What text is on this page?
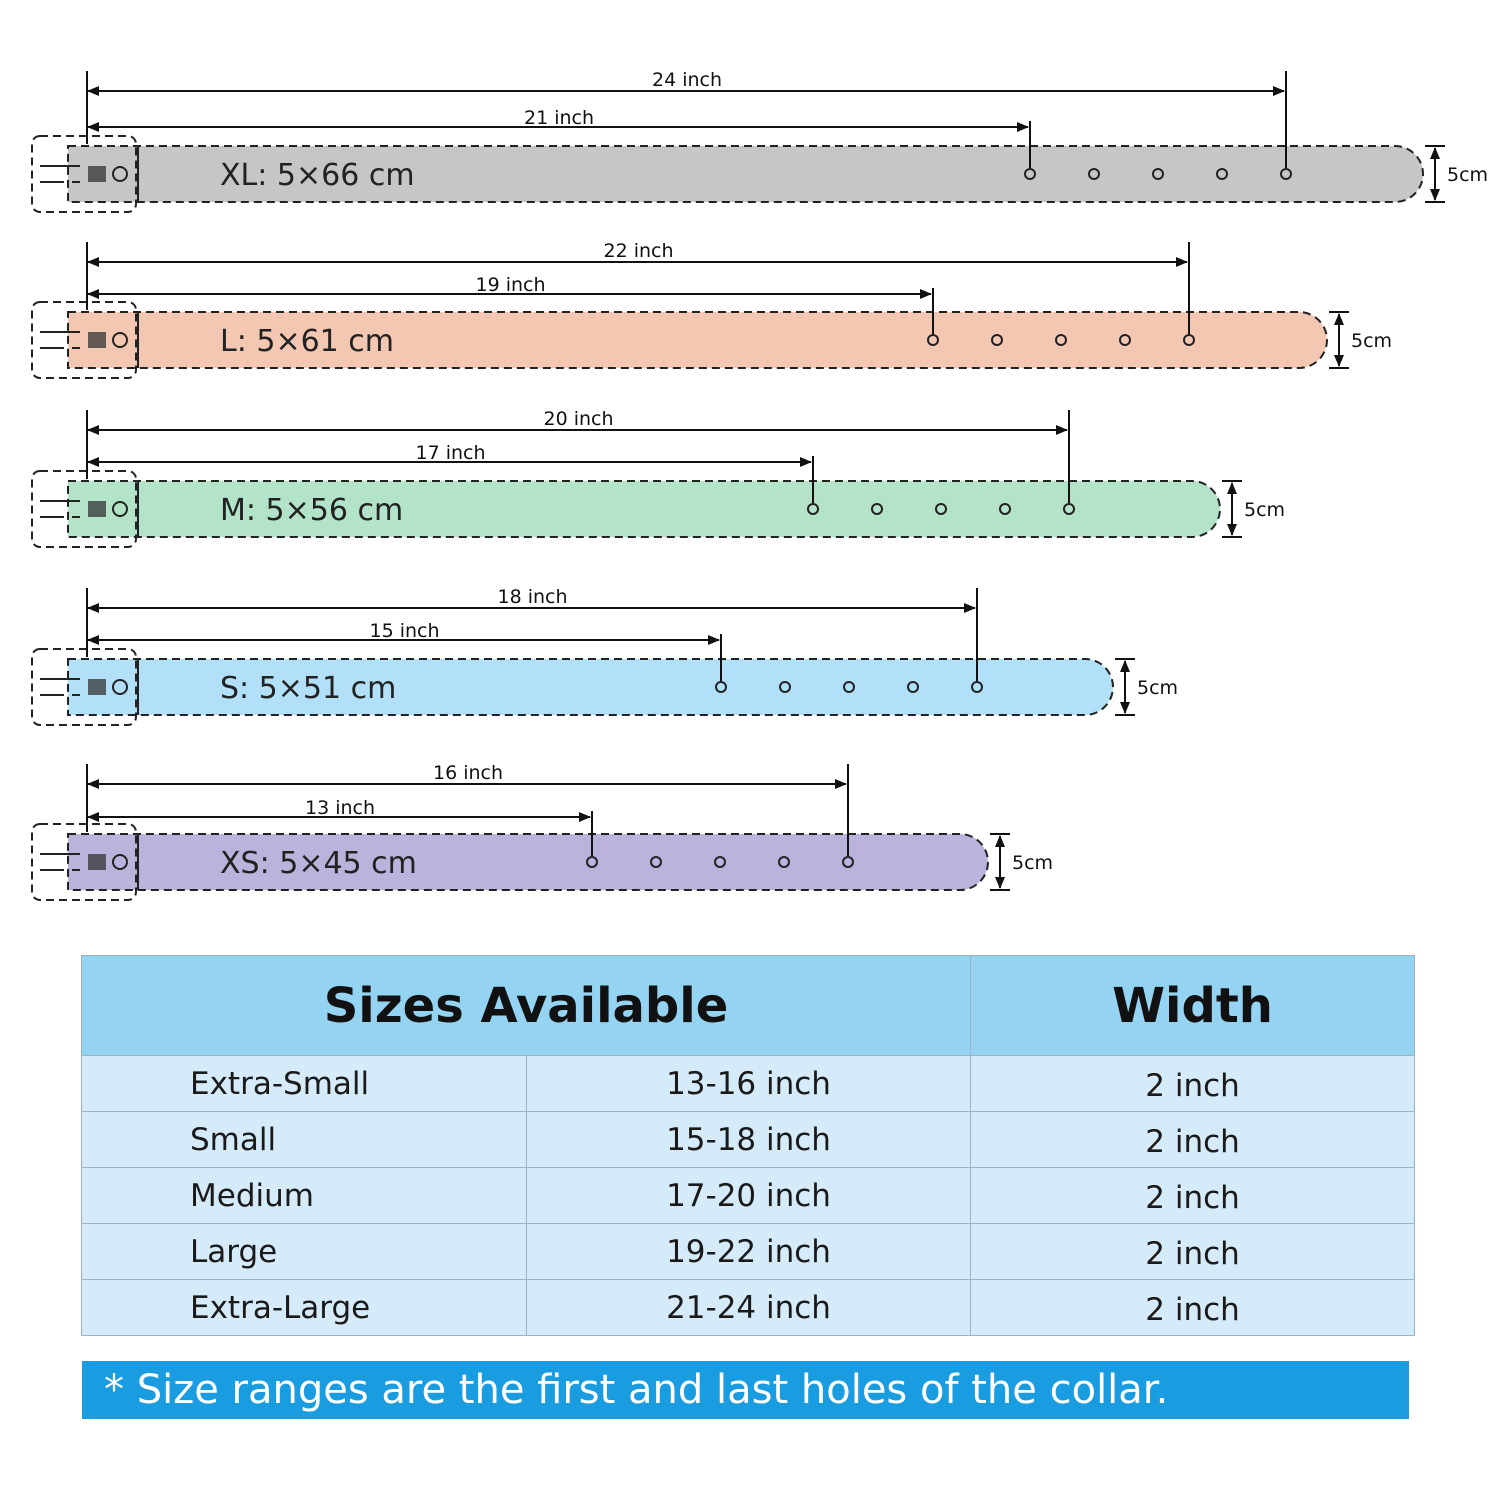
XL: 5×66 cm
24 inch
21 inch
5cm
L: 5×61 cm
22 inch
19 inch
5cm
M: 5×56 cm
20 inch
17 inch
5cm
S: 5×51 cm
18 inch
15 inch
5cm
XS: 5×45 cm
16 inch
13 inch
5cm
Sizes Available		Width
Extra-Small	13-16 inch	2 inch
Small	15-18 inch	2 inch
Medium	17-20 inch	2 inch
Large	19-22 inch	2 inch
Extra-Large	21-24 inch	2 inch
* Size ranges are the first and last holes of the collar.
